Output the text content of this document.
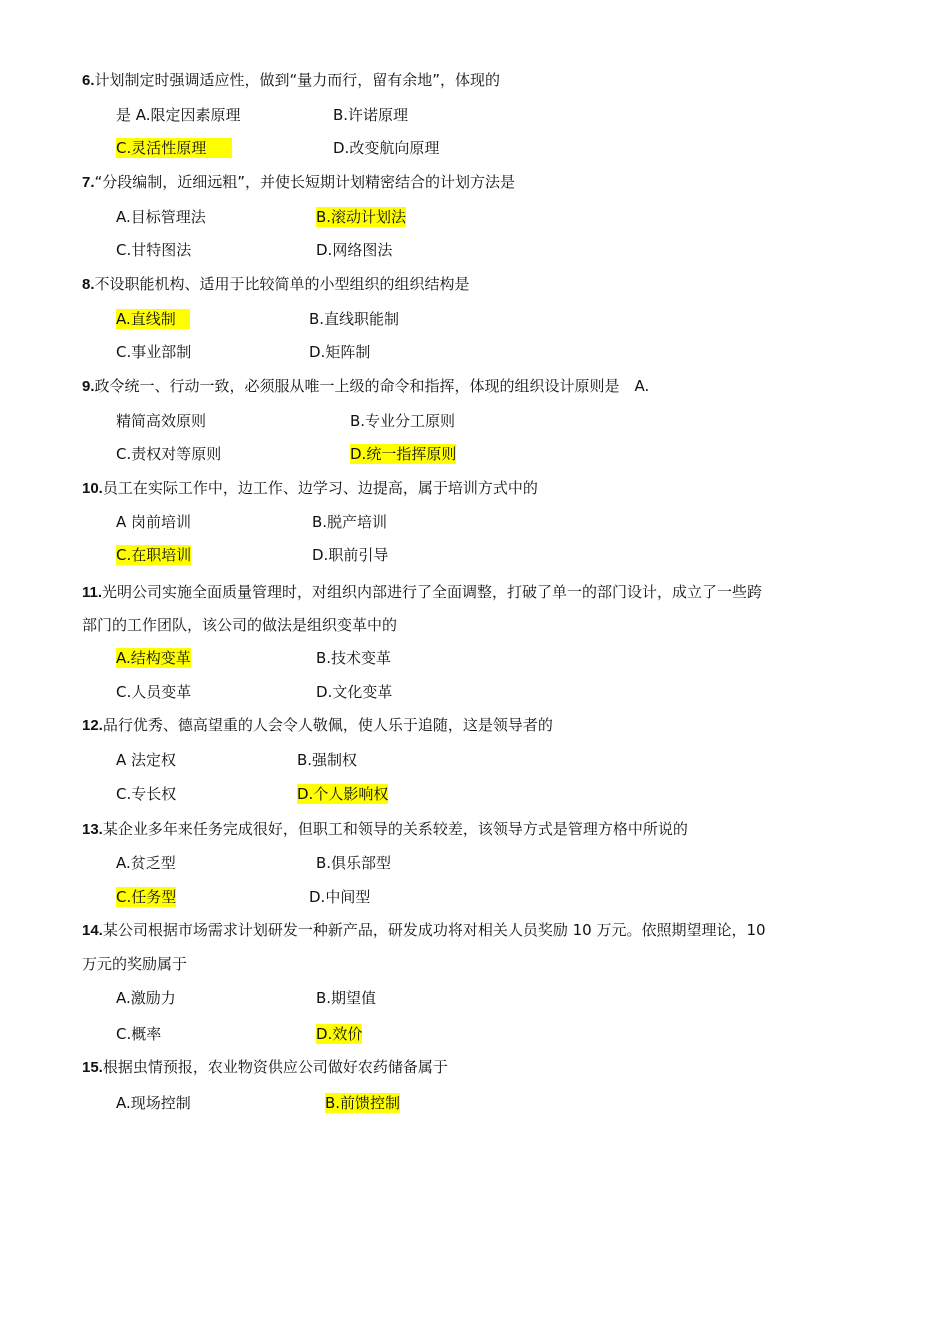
6.计划制定时强调适应性，做到“量力而行，留有余地”，体现的
是 A.限定因素原理	B.许诺原理
C.灵活性原理	D.改变航向原理
7.“分段编制，近细远粗”，并使长短期计划精密结合的计划方法是
A.目标管理法	B.滚动计划法
C.甘特图法	D.网络图法
8.不设职能机构、适用于比较简单的小型组织的组织结构是
A.直线制	B.直线职能制
C.事业部制	D.矩阵制
9.政令统一、行动一致，必须服从唯一上级的命令和指挥，体现的组织设计原则是　A.
精简高效原则	B.专业分工原则
C.责权对等原则	D.统一指挥原则
10.员工在实际工作中，边工作、边学习、边提高，属于培训方式中的
A 岗前培训	B.脱产培训
C.在职培训	D.职前引导
11.光明公司实施全面质量管理时，对组织内部进行了全面调整，打破了单一的部门设计，成立了一些跨
部门的工作团队，该公司的做法是组织变革中的
A.结构变革	B.技术变革
C.人员变革	D.文化变革
12.品行优秀、德高望重的人会令人敬佩，使人乐于追随，这是领导者的
A 法定权	B.强制权
C.专长权	D.个人影响权
13.某企业多年来任务完成很好，但职工和领导的关系较差，该领导方式是管理方格中所说的
A.贫乏型	B.俱乐部型
C.任务型	D.中间型
14.某公司根据市场需求计划研发一种新产品，研发成功将对相关人员奖励 10 万元。依照期望理论，10
万元的奖励属于
A.激励力	B.期望值
C.概率	D.效价
15.根据虫情预报，农业物资供应公司做好农药储备属于
A.现场控制	B.前馈控制
